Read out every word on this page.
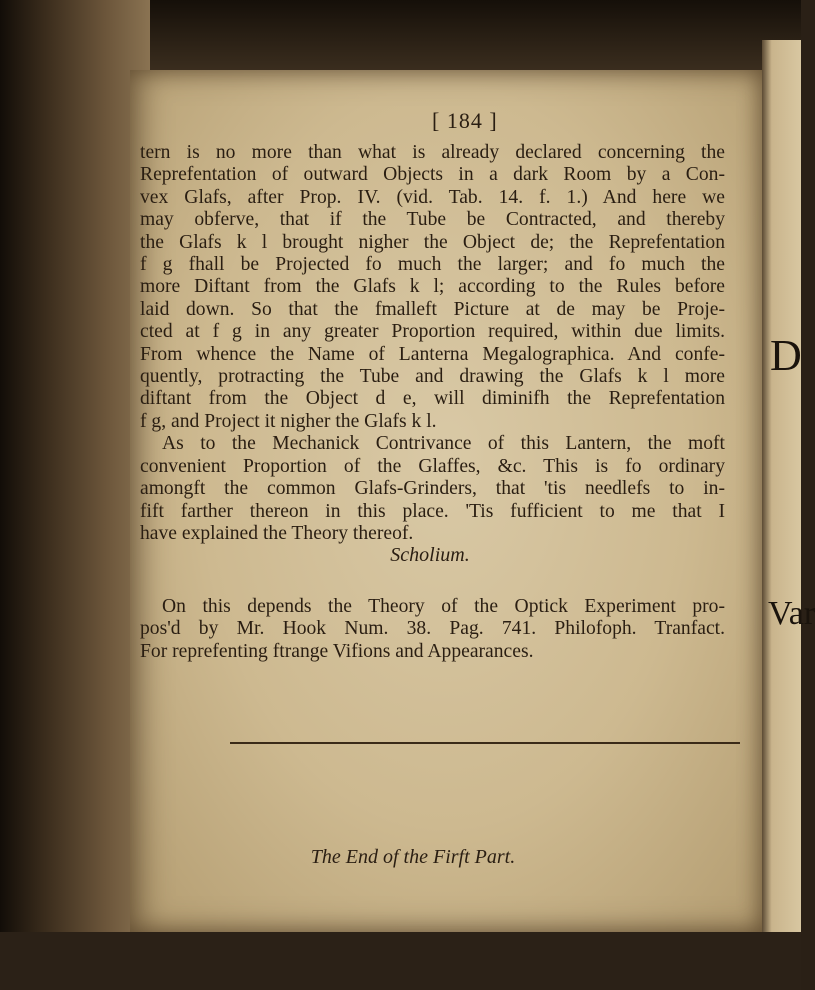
D
Var
[ 184 ]
tern is no more than what is already declared concerning the
Reprefentation of outward Objects in a dark Room by a Con-
vex Glafs, after Prop. IV. (vid. Tab. 14. f. 1.) And here we
may obferve, that if the Tube be Contracted, and thereby
the Glafs k l brought nigher the Object de; the Reprefentation
f g fhall be Projected fo much the larger; and fo much the
more Diftant from the Glafs k l; according to the Rules before
laid down. So that the fmalleft Picture at de may be Proje-
cted at f g in any greater Proportion required, within due limits.
From whence the Name of Lanterna Megalographica. And confe-
quently, protracting the Tube and drawing the Glafs k l more
diftant from the Object d e, will diminifh the Reprefentation
f g, and Project it nigher the Glafs k l.
As to the Mechanick Contrivance of this Lantern, the moft
convenient Proportion of the Glaffes, &c. This is fo ordinary
amongft the common Glafs-Grinders, that 'tis needlefs to in-
fift farther thereon in this place. 'Tis fufficient to me that I
have explained the Theory thereof.
Scholium.
On this depends the Theory of the Optick Experiment pro-
pos'd by Mr. Hook Num. 38. Pag. 741. Philofoph. Tranfact.
For reprefenting ftrange Vifions and Appearances.
The End of the Firft Part.
